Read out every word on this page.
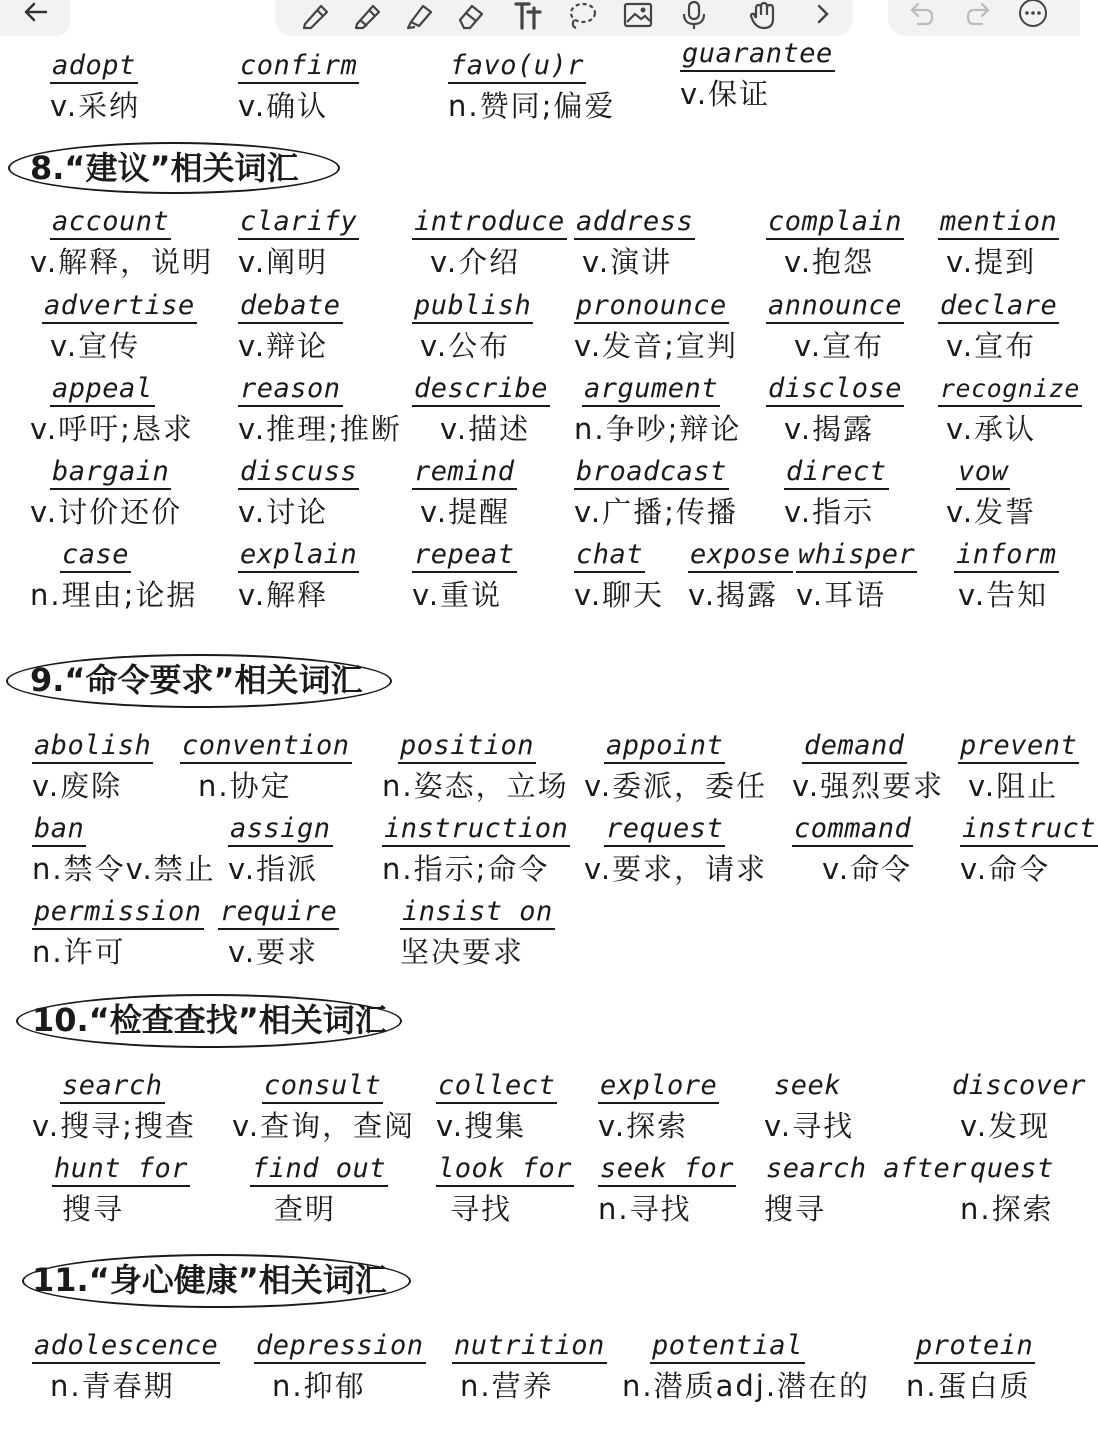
adopt
v.采纳
confirm
v.确认
favo(u)r
n.赞同;偏爱
guarantee
v.保证
8.“建议”相关词汇
9.“命令要求”相关词汇
10.“检查查找”相关词汇
11.“身心健康”相关词汇
account
v.解释，说明
clarify
v.阐明
introduce
v.介绍
address
v.演讲
complain
v.抱怨
mention
v.提到
advertise
v.宣传
debate
v.辩论
publish
v.公布
pronounce
v.发音;宣判
announce
v.宣布
declare
v.宣布
appeal
v.呼吁;恳求
reason
v.推理;推断
describe
v.描述
argument
n.争吵;辩论
disclose
v.揭露
recognize
v.承认
bargain
v.讨价还价
discuss
v.讨论
remind
v.提醒
broadcast
v.广播;传播
direct
v.指示
vow
v.发誓
case
n.理由;论据
explain
v.解释
repeat
v.重说
chat
v.聊天
expose
v.揭露
whisper
v.耳语
inform
v.告知
abolish
v.废除
convention
n.协定
position
n.姿态，立场
appoint
v.委派，委任
demand
v.强烈要求
prevent
v.阻止
ban
n.禁令v.禁止
assign
v.指派
instruction
n.指示;命令
request
v.要求，请求
command
v.命令
instruct
v.命令
permission
n.许可
require
v.要求
insist on
坚决要求
search
v.搜寻;搜查
consult
v.查询，查阅
collect
v.搜集
explore
v.探索
seek
v.寻找
discover
v.发现
hunt for
搜寻
find out
查明
look for
寻找
seek for
n.寻找
search after
搜寻
quest
n.探索
adolescence
n.青春期
depression
n.抑郁
nutrition
n.营养
potential
n.潜质adj.潜在的
protein
n.蛋白质
